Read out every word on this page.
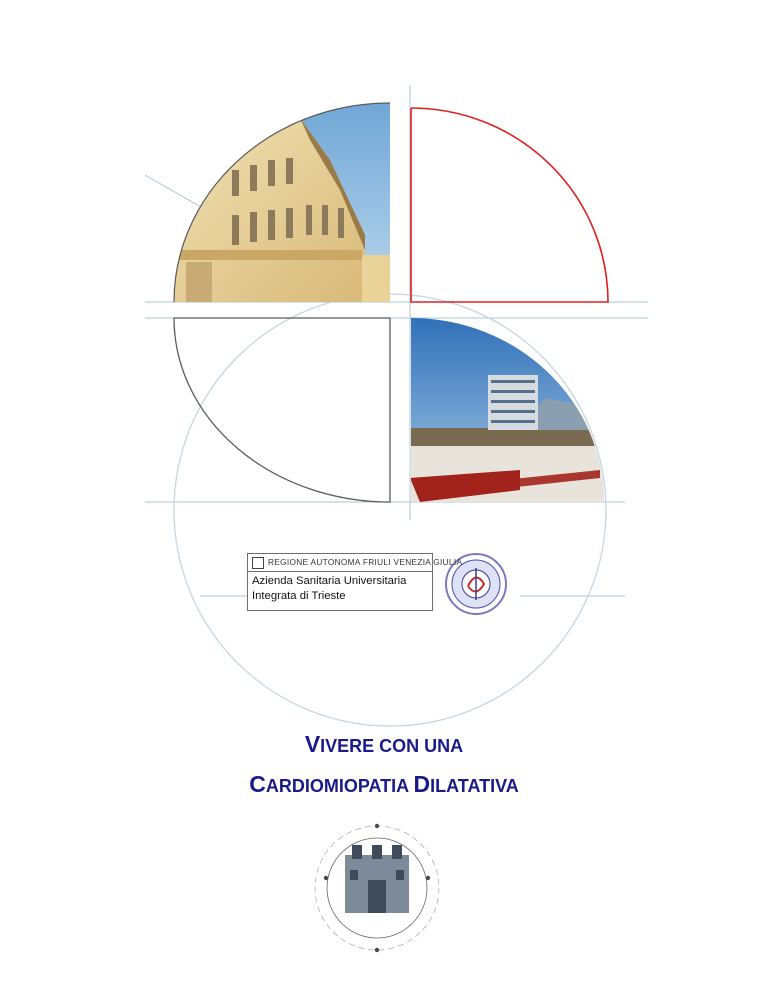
REGIONE AUTONOMA FRIULI VENEZIA GIULIA
Azienda Sanitaria Universitaria
Integrata di Trieste
VIVERE CON UNA
CARDIOMIOPATIA DILATATIVA
